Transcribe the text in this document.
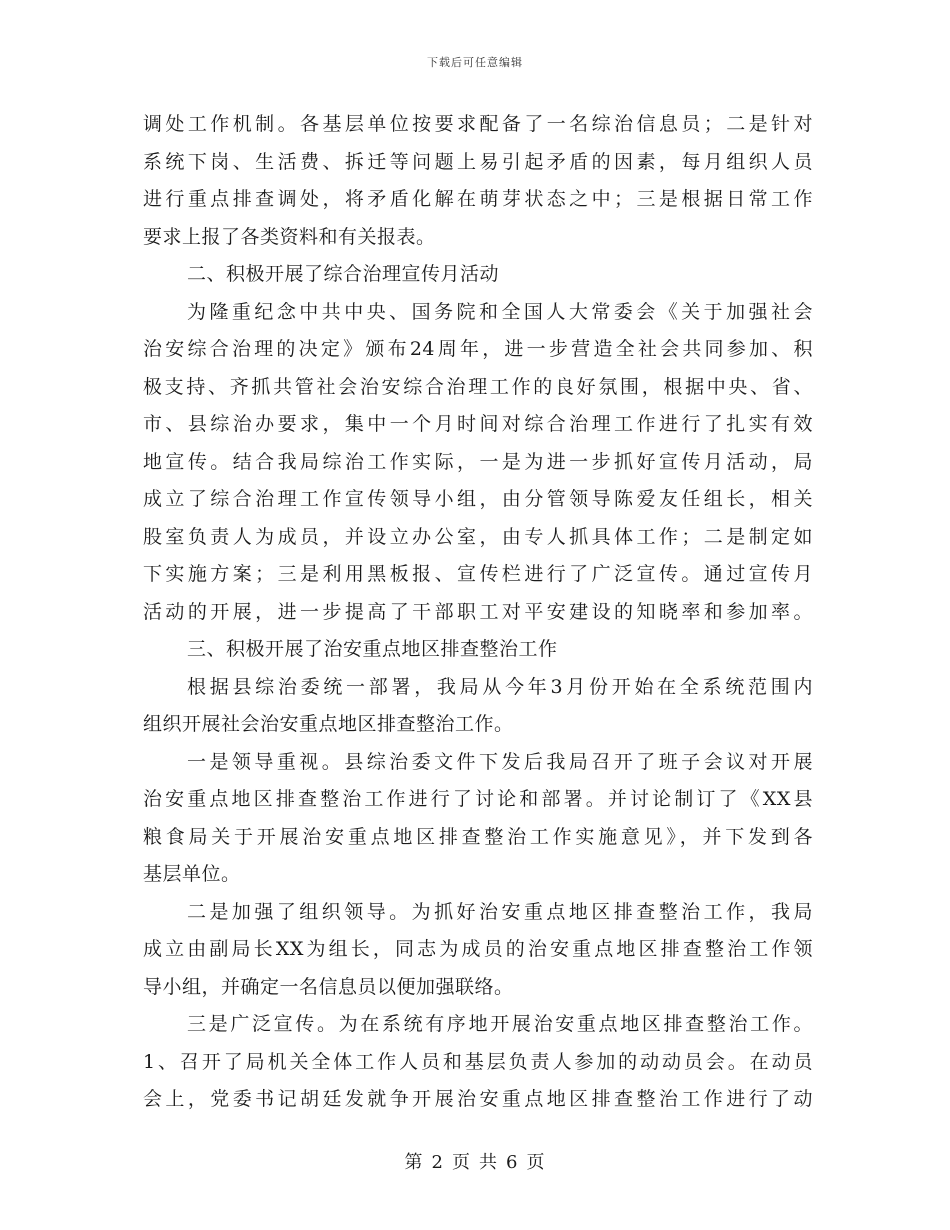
下载后可任意编辑
调处工作机制。各基层单位按要求配备了一名综治信息员；二是针对
系统下岗、生活费、拆迁等问题上易引起矛盾的因素，每月组织人员
进行重点排查调处，将矛盾化解在萌芽状态之中；三是根据日常工作
要求上报了各类资料和有关报表。
二、积极开展了综合治理宣传月活动
为隆重纪念中共中央、国务院和全国人大常委会《关于加强社会
治安综合治理的决定》颁布24周年，进一步营造全社会共同参加、积
极支持、齐抓共管社会治安综合治理工作的良好氛围，根据中央、省、
市、县综治办要求，集中一个月时间对综合治理工作进行了扎实有效
地宣传。结合我局综治工作实际，一是为进一步抓好宣传月活动，局
成立了综合治理工作宣传领导小组，由分管领导陈爱友任组长，相关
股室负责人为成员，并设立办公室，由专人抓具体工作；二是制定如
下实施方案；三是利用黑板报、宣传栏进行了广泛宣传。通过宣传月
活动的开展，进一步提高了干部职工对平安建设的知晓率和参加率。
三、积极开展了治安重点地区排查整治工作
根据县综治委统一部署，我局从今年3月份开始在全系统范围内
组织开展社会治安重点地区排查整治工作。
一是领导重视。县综治委文件下发后我局召开了班子会议对开展
治安重点地区排查整治工作进行了讨论和部署。并讨论制订了《XX县
粮食局关于开展治安重点地区排查整治工作实施意见》，并下发到各
基层单位。
二是加强了组织领导。为抓好治安重点地区排查整治工作，我局
成立由副局长XX为组长，同志为成员的治安重点地区排查整治工作领
导小组，并确定一名信息员以便加强联络。
三是广泛宣传。为在系统有序地开展治安重点地区排查整治工作。
1、召开了局机关全体工作人员和基层负责人参加的动动员会。在动员
会上，党委书记胡廷发就争开展治安重点地区排查整治工作进行了动
第 2 页 共 6 页
